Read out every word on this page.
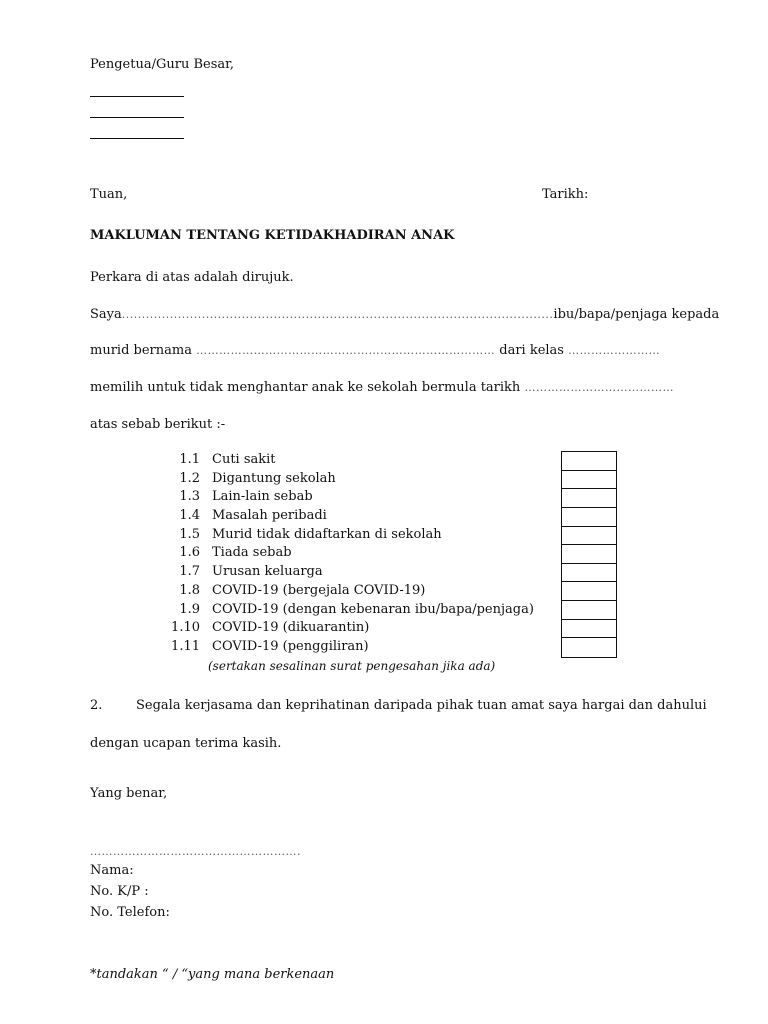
Pengetua/Guru Besar,
Tuan,	Tarikh:
MAKLUMAN TENTANG KETIDAKHADIRAN ANAK
Perkara di atas adalah dirujuk.
Saya............................................................................................................ibu/bapa/penjaga kepada
murid bernama …………………………………………………………………… dari kelas ……………………
memilih untuk tidak menghantar anak ke sekolah bermula tarikh …………………………………
atas sebab berikut :-
1.1 Cuti sakit
1.2 Digantung sekolah
1.3 Lain-lain sebab
1.4 Masalah peribadi
1.5 Murid tidak didaftarkan di sekolah
1.6 Tiada sebab
1.7 Urusan keluarga
1.8 COVID-19 (bergejala COVID-19)
1.9 COVID-19 (dengan kebenaran ibu/bapa/penjaga)
1.10 COVID-19 (dikuarantin)
1.11 COVID-19 (penggiliran)
(sertakan sesalinan surat pengesahan jika ada)
2.	Segala kerjasama dan keprihatinan daripada pihak tuan amat saya hargai dan dahului
dengan ucapan terima kasih.
Yang benar,
……………………………………………….
Nama:
No. K/P :
No. Telefon:
*tandakan “ / “yang mana berkenaan
